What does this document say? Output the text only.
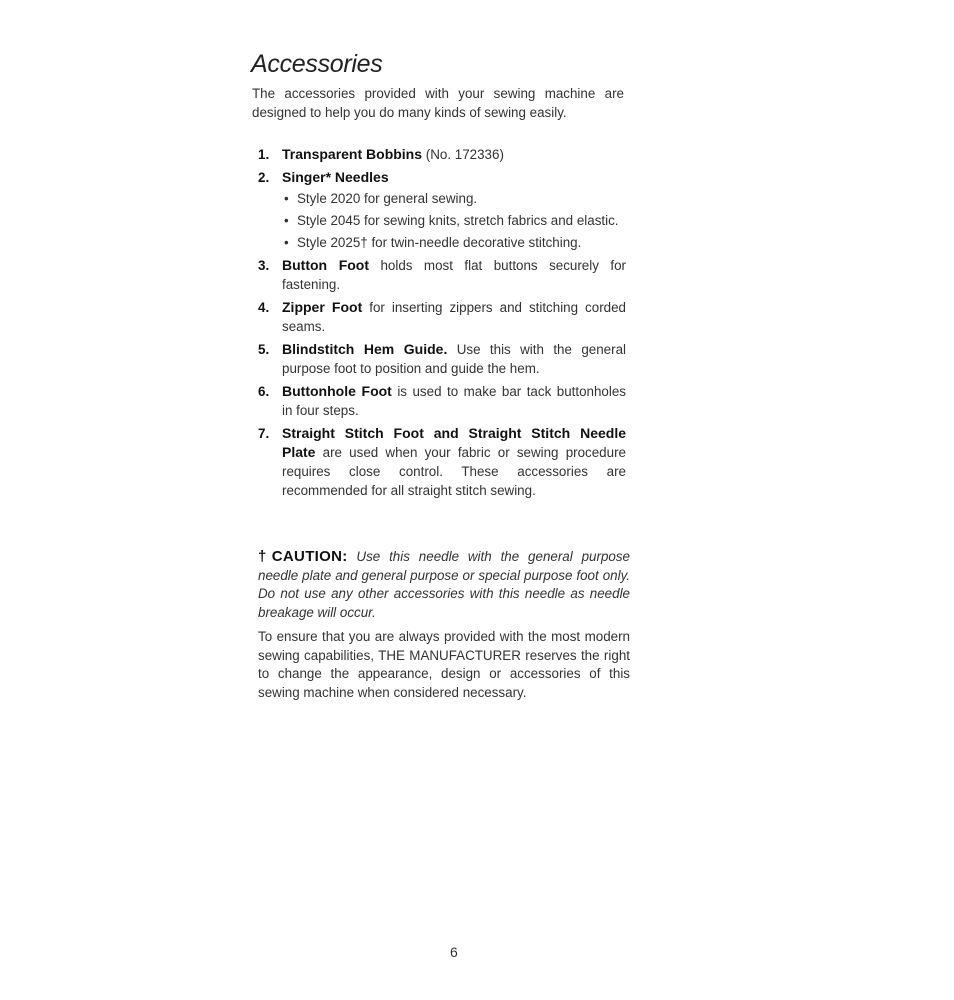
Accessories

The accessories provided with your sewing machine are designed to help you do many kinds of sewing easily.

1. Transparent Bobbins (No. 172336)
2. Singer* Needles
• Style 2020 for general sewing.
• Style 2045 for sewing knits, stretch fabrics and elastic.
• Style 2025† for twin-needle decorative stitching.
3. Button Foot holds most flat buttons securely for fastening.
4. Zipper Foot for inserting zippers and stitching corded seams.
5. Blindstitch Hem Guide. Use this with the general purpose foot to position and guide the hem.
6. Buttonhole Foot is used to make bar tack buttonholes in four steps.
7. Straight Stitch Foot and Straight Stitch Needle Plate are used when your fabric or sewing procedure requires close control. These accessories are recommended for all straight stitch sewing.

†CAUTION: Use this needle with the general purpose needle plate and general purpose or special purpose foot only. Do not use any other accessories with this needle as needle breakage will occur.

To ensure that you are always provided with the most modern sewing capabilities, THE MANUFACTURER reserves the right to change the appearance, design or accessories of this sewing machine when considered necessary.

6
